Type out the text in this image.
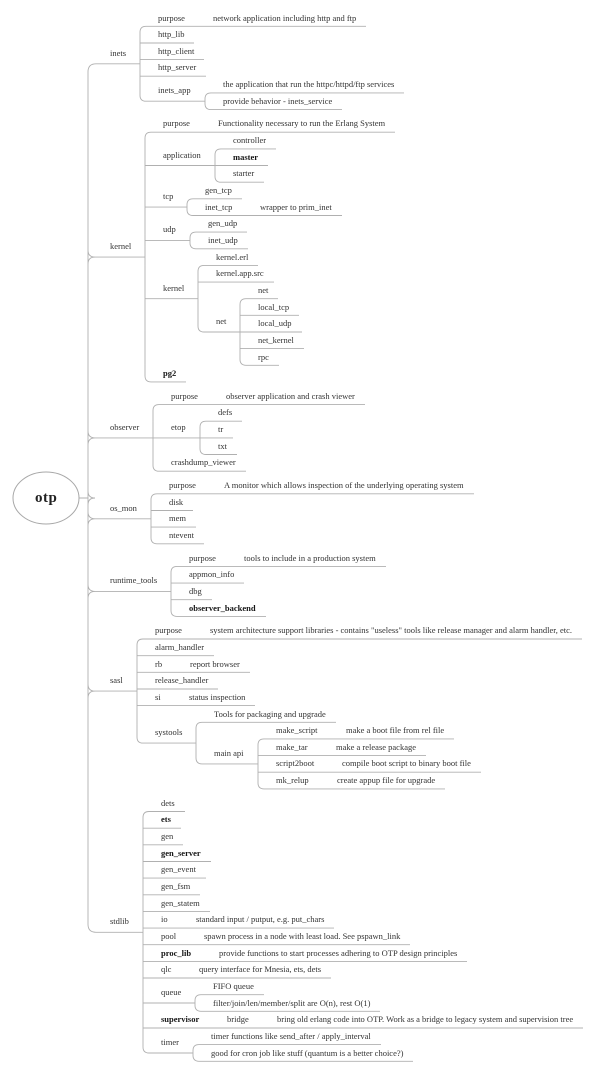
otp
inets
purpose	network application including http and ftp
http_lib
http_client
http_server
inets_app
the application that run the httpc/httpd/ftp services
provide behavior - inets_service
kernel
purpose	Functionality necessary to run the Erlang System
application
controller
master
starter
tcp
gen_tcp
inet_tcp	wrapper to prim_inet
udp
gen_udp
inet_udp
kernel
kernel.erl
kernel.app.src
net
net
local_tcp
local_udp
net_kernel
rpc
pg2
observer
purpose	observer application and crash viewer
etop
defs
tr
txt
crashdump_viewer
os_mon
purpose	A monitor which allows inspection of the underlying operating system
disk
mem
ntevent
runtime_tools
purpose	tools to include in a production system
appmon_info
dbg
observer_backend
sasl
purpose	system architecture support libraries - contains "useless" tools like release manager and alarm handler, etc.
alarm_handler
rb	report browser
release_handler
si	status inspection
systools
Tools for packaging and upgrade
main api
make_script	make a boot file from rel file
make_tar	make a release package
script2boot	compile boot script to binary boot file
mk_relup	create appup file for upgrade
stdlib
dets
ets
gen
gen_server
gen_event
gen_fsm
gen_statem
io	standard input / putput, e.g. put_chars
pool	spawn process in a node with least load. See pspawn_link
proc_lib	provide functions to start processes adhering to OTP design principles
qlc	query interface for Mnesia, ets, dets
queue
FIFO queue
filter/join/len/member/split are O(n), rest O(1)
supervisor	bridge	bring old erlang code into OTP. Work as a bridge to legacy system and supervision tree
timer
timer functions like send_after / apply_interval
good for cron job like stuff (quantum is a better choice?)
